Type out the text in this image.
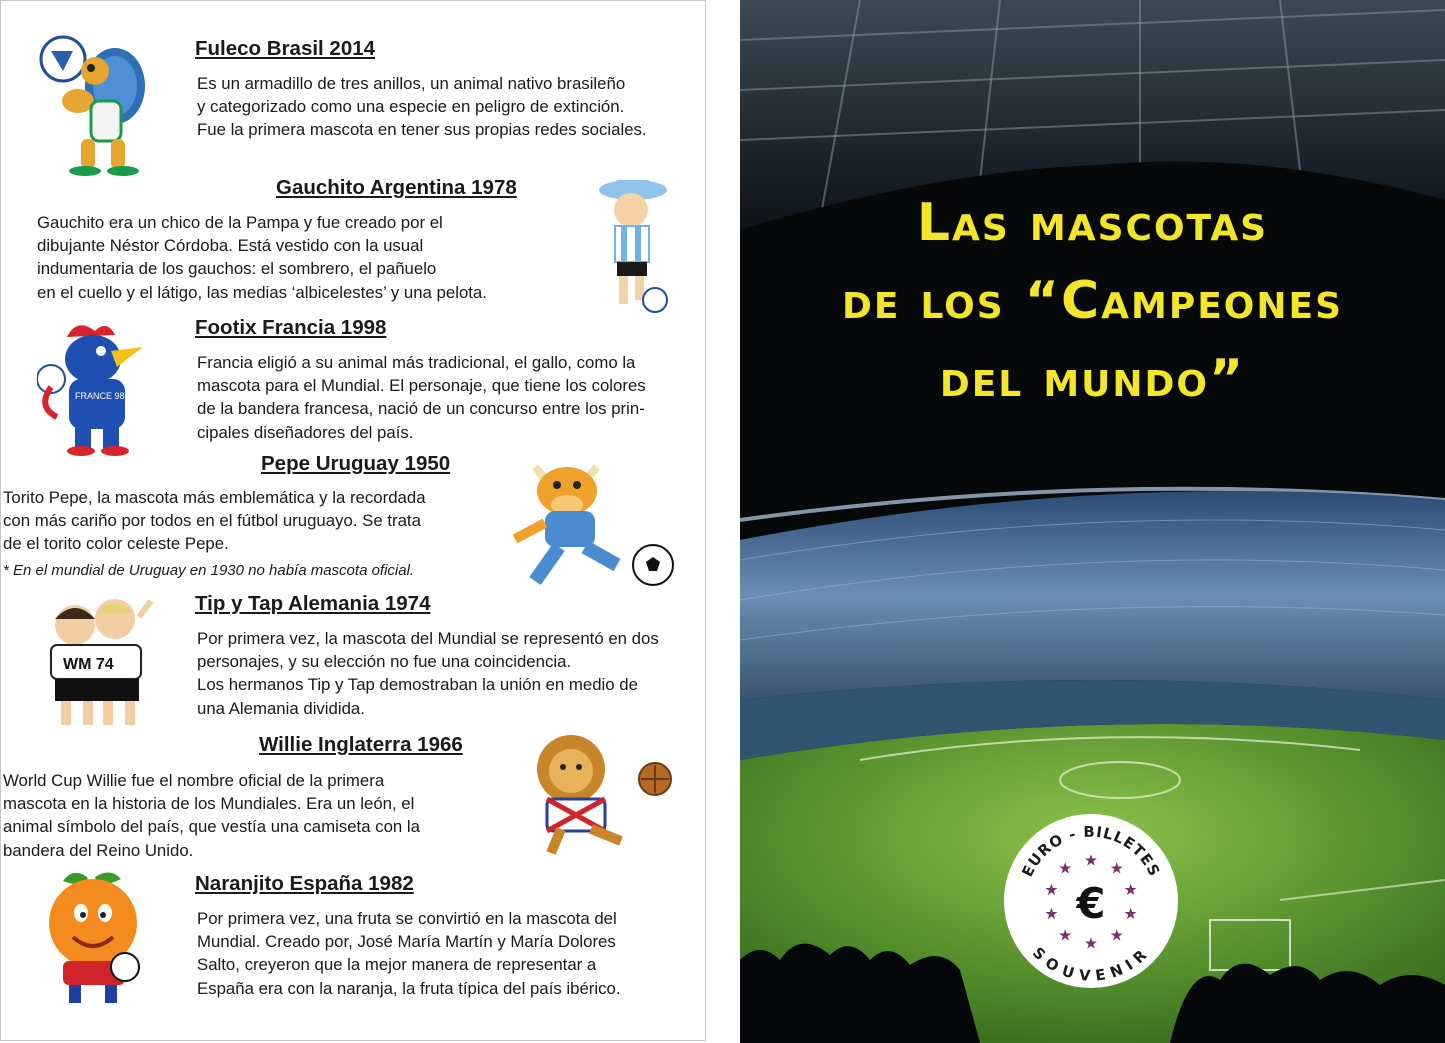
Fuleco Brasil 2014
Es un armadillo de tres anillos, un animal nativo brasileño
y categorizado como una especie en peligro de extinción.
Fue la primera mascota en tener sus propias redes sociales.
Gauchito Argentina 1978
Gauchito era un chico de la Pampa y fue creado por el
dibujante Néstor Córdoba. Está vestido con la usual
indumentaria de los gauchos: el sombrero, el pañuelo
en el cuello y el látigo, las medias ‘albicelestes’ y una pelota.
FRANCE 98
Footix Francia 1998
Francia eligió a su animal más tradicional, el gallo, como la
mascota para el Mundial. El personaje, que tiene los colores
de la bandera francesa, nació de un concurso entre los prin-
cipales diseñadores del país.
Pepe Uruguay 1950
Torito Pepe, la mascota más emblemática y la recordada
con más cariño por todos en el fútbol uruguayo. Se trata
de el torito color celeste Pepe.
* En el mundial de Uruguay en 1930 no había mascota oficial.
WM 74
Tip y Tap Alemania 1974
Por primera vez, la mascota del Mundial se representó en dos
personajes, y su elección no fue una coincidencia.
Los hermanos Tip y Tap demostraban la unión en medio de
una Alemania dividida.
Willie Inglaterra 1966
World Cup Willie fue el nombre oficial de la primera
mascota en la historia de los Mundiales. Era un león, el
animal símbolo del país, que vestía una camiseta con la
bandera del Reino Unido.
Naranjito España 1982
Por primera vez, una fruta se convirtió en la mascota del
Mundial. Creado por, José María Martín y María Dolores
Salto, creyeron que la mejor manera de representar a
España era con la naranja, la fruta típica del país ibérico.
Las mascotas
de los “Campeones
del mundo”
EURO - BILLETES
SOUVENIR
★ ★
★
★
★
★
★
★
★
★
€
